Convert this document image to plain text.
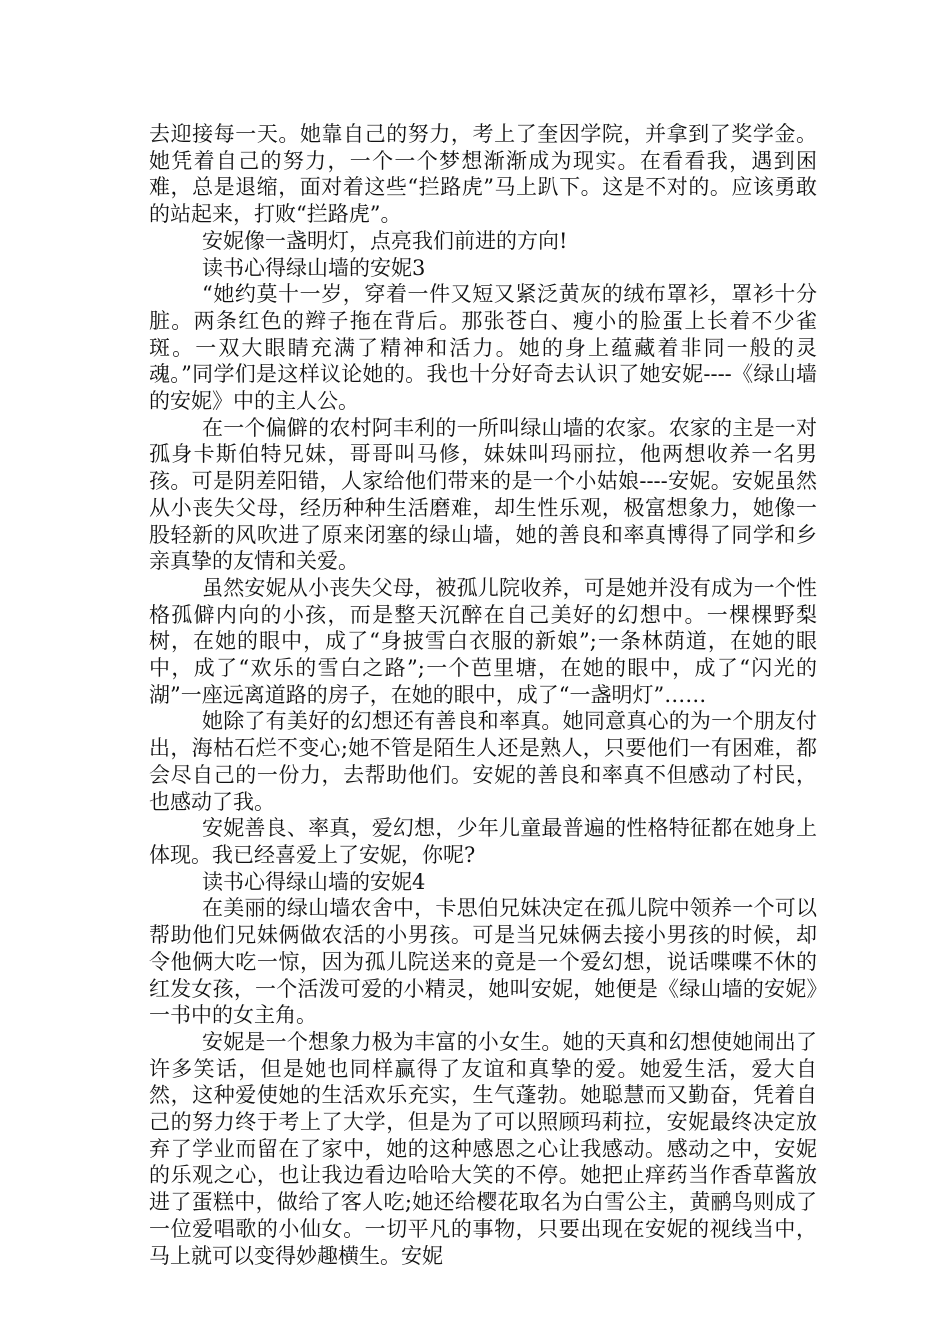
去迎接每一天。她靠自己的努力，考上了奎因学院，并拿到了奖学金。她凭着自己的努力，一个一个梦想渐渐成为现实。在看看我，遇到困难，总是退缩，面对着这些“拦路虎”马上趴下。这是不对的。应该勇敢的站起来，打败“拦路虎”。

安妮像一盏明灯，点亮我们前进的方向!

读书心得绿山墙的安妮3

“她约莫十一岁，穿着一件又短又紧泛黄灰的绒布罩衫，罩衫十分脏。两条红色的辫子拖在背后。那张苍白、瘦小的脸蛋上长着不少雀斑。一双大眼睛充满了精神和活力。她的身上蕴藏着非同一般的灵魂。”同学们是这样议论她的。我也十分好奇去认识了她安妮----《绿山墙的安妮》中的主人公。

在一个偏僻的农村阿丰利的一所叫绿山墙的农家。农家的主是一对孤身卡斯伯特兄妹，哥哥叫马修，妹妹叫玛丽拉，他两想收养一名男孩。可是阴差阳错，人家给他们带来的是一个小姑娘----安妮。安妮虽然从小丧失父母，经历种种生活磨难，却生性乐观，极富想象力，她像一股轻新的风吹进了原来闭塞的绿山墙，她的善良和率真博得了同学和乡亲真挚的友情和关爱。

虽然安妮从小丧失父母，被孤儿院收养，可是她并没有成为一个性格孤僻内向的小孩，而是整天沉醉在自己美好的幻想中。一棵棵野梨树，在她的眼中，成了“身披雪白衣服的新娘”;一条林荫道，在她的眼中，成了“欢乐的雪白之路”;一个芭里塘，在她的眼中，成了“闪光的湖”一座远离道路的房子，在她的眼中，成了“一盏明灯”……

她除了有美好的幻想还有善良和率真。她同意真心的为一个朋友付出，海枯石烂不变心;她不管是陌生人还是熟人，只要他们一有困难，都会尽自己的一份力，去帮助他们。安妮的善良和率真不但感动了村民，也感动了我。

安妮善良、率真，爱幻想，少年儿童最普遍的性格特征都在她身上体现。我已经喜爱上了安妮，你呢?

读书心得绿山墙的安妮4

在美丽的绿山墙农舍中，卡思伯兄妹决定在孤儿院中领养一个可以帮助他们兄妹俩做农活的小男孩。可是当兄妹俩去接小男孩的时候，却令他俩大吃一惊，因为孤儿院送来的竟是一个爱幻想，说话喋喋不休的红发女孩，一个活泼可爱的小精灵，她叫安妮，她便是《绿山墙的安妮》一书中的女主角。

安妮是一个想象力极为丰富的小女生。她的天真和幻想使她闹出了许多笑话，但是她也同样赢得了友谊和真挚的爱。她爱生活，爱大自然，这种爱使她的生活欢乐充实，生气蓬勃。她聪慧而又勤奋，凭着自己的努力终于考上了大学，但是为了可以照顾玛莉拉，安妮最终决定放弃了学业而留在了家中，她的这种感恩之心让我感动。感动之中，安妮的乐观之心，也让我边看边哈哈大笑的不停。她把止痒药当作香草酱放进了蛋糕中，做给了客人吃;她还给樱花取名为白雪公主，黄鹂鸟则成了一位爱唱歌的小仙女。一切平凡的事物，只要出现在安妮的视线当中，马上就可以变得妙趣横生。安妮
